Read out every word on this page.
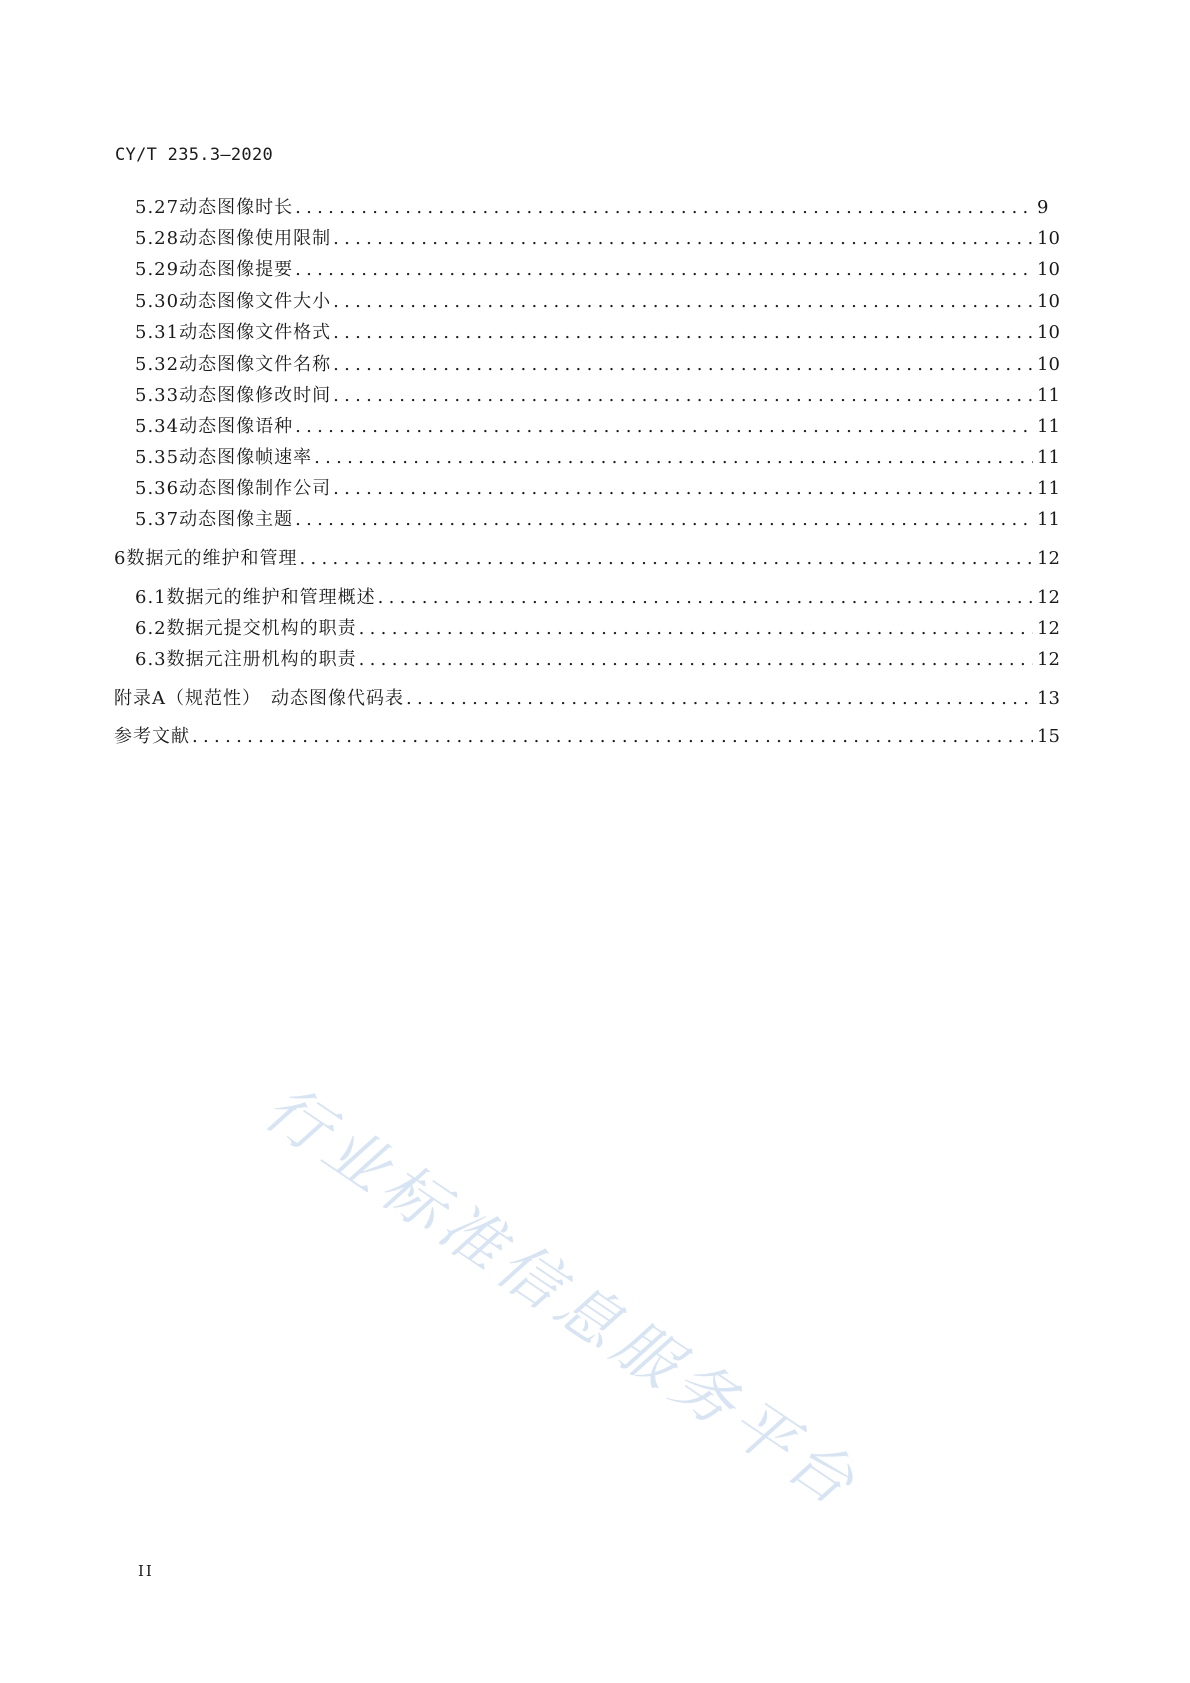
CY/T 235.3—2020
5.27 动态图像时长 .....	9
5.28 动态图像使用限制 .....	10
5.29 动态图像提要 .....	10
5.30 动态图像文件大小 .....	10
5.31 动态图像文件格式 .....	10
5.32 动态图像文件名称 .....	10
5.33 动态图像修改时间 .....	11
5.34 动态图像语种 .....	11
5.35 动态图像帧速率 .....	11
5.36 动态图像制作公司 .....	11
5.37 动态图像主题 .....	11
6 数据元的维护和管理 .....	12
6.1 数据元的维护和管理概述 .....	12
6.2 数据元提交机构的职责 .....	12
6.3 数据元注册机构的职责 .....	12
附录A （规范性）　动态图像代码表 .....	13
参考文献 .....	15
行业标准信息服务平台
II
